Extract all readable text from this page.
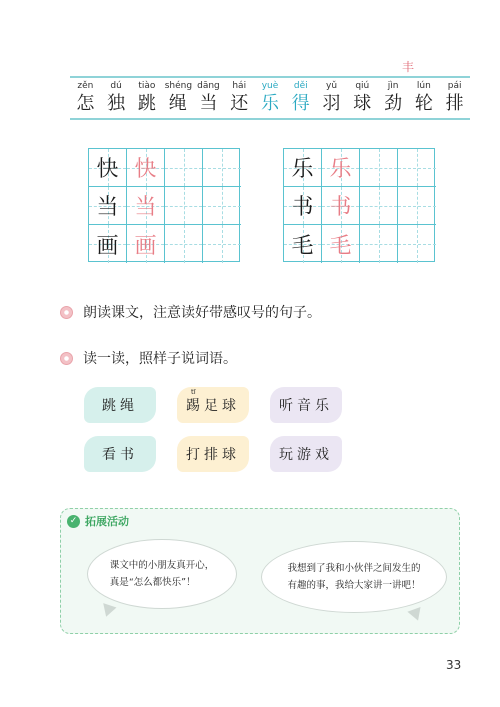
丰
zěn
怎
dú
独
tiào
跳
shéng
绳
dāng
当
hái
还
yuè
乐
děi
得
yǔ
羽
qiú
球
jìn
劲
lún
轮
pái
排
快 快
当 当
画 画
乐 乐
书 书
毛 毛
朗读课文，注意读好带感叹号的句子。
读一读，照样子说词语。
跳绳
tī
踢足球	听音乐
看书	打排球	玩游戏
✓ 拓展活动

课文中的小朋友真开心，

真是“怎么都快乐”！

我想到了我和小伙伴之间发生的

有趣的事，我给大家讲一讲吧！

33
